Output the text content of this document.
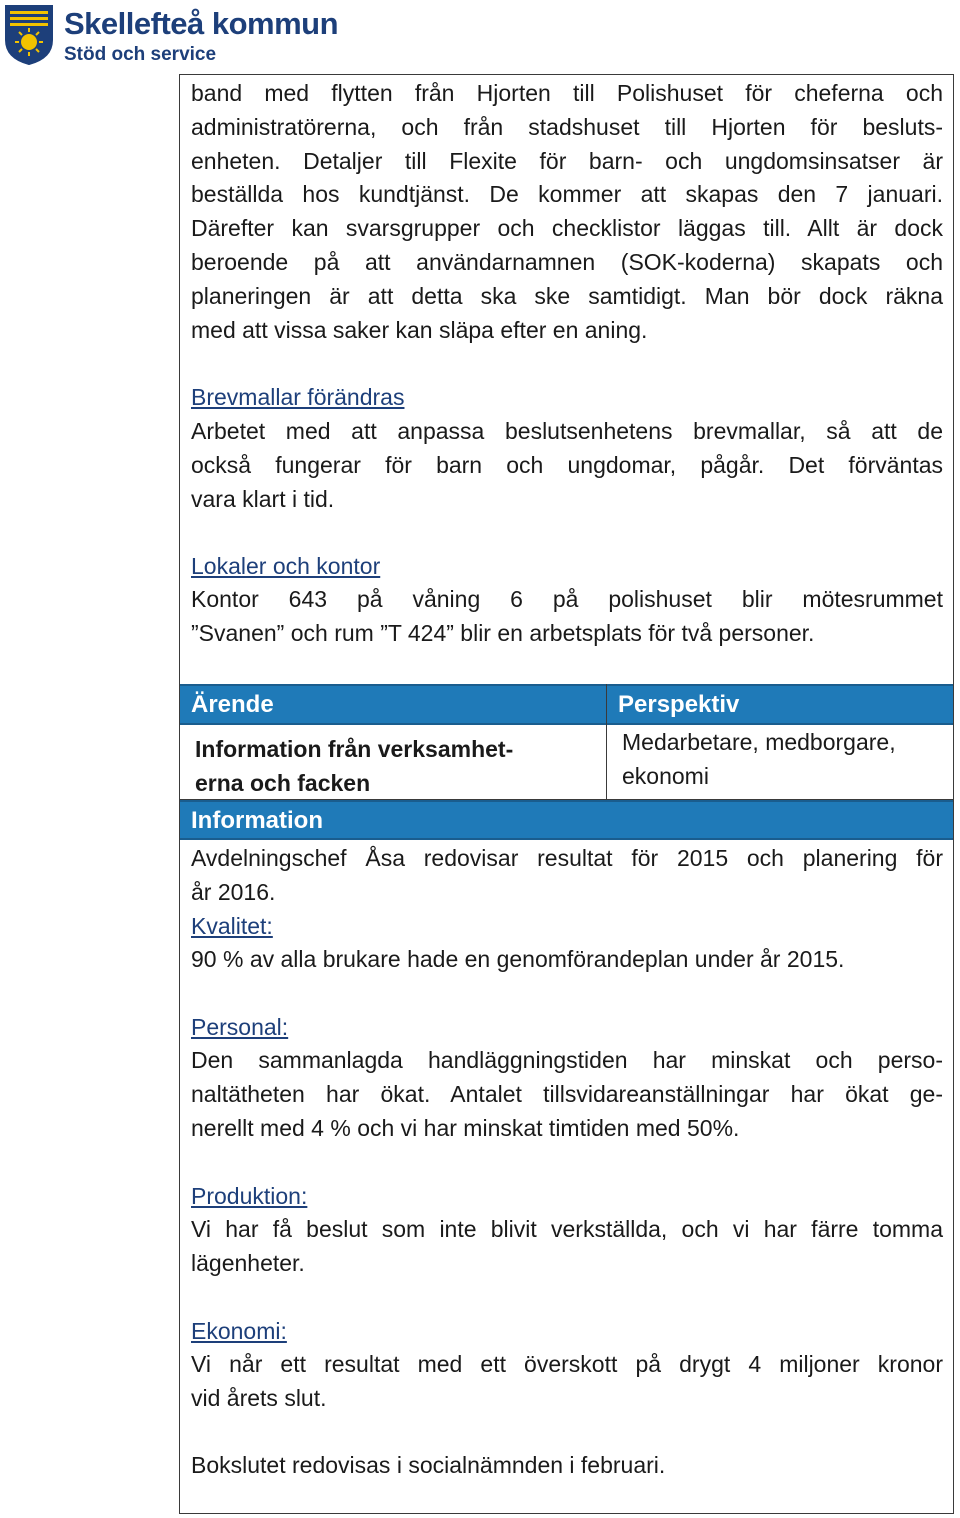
Skellefteå kommun
Stöd och service
band med flytten från Hjorten till Polishuset för cheferna och
administratörerna, och från stadshuset till Hjorten för besluts-
enheten. Detaljer till Flexite för barn- och ungdomsinsatser är
beställda hos kundtjänst. De kommer att skapas den 7 januari.
Därefter kan svarsgrupper och checklistor läggas till. Allt är dock
beroende på att användarnamnen (SOK-koderna) skapats och
planeringen är att detta ska ske samtidigt. Man bör dock räkna
med att vissa saker kan släpa efter en aning.
Brevmallar förändras
Arbetet med att anpassa beslutsenhetens brevmallar, så att de
också fungerar för barn och ungdomar, pågår. Det förväntas
vara klart i tid.
Lokaler och kontor
Kontor 643 på våning 6 på polishuset blir mötesrummet
”Svanen” och rum ”T 424” blir en arbetsplats för två personer.
Ärende	Perspektiv
Information från verksamhet-
erna och facken
Medarbetare, medborgare,
ekonomi
Information
Avdelningschef Åsa redovisar resultat för 2015 och planering för
år 2016.
Kvalitet:
90 % av alla brukare hade en genomförandeplan under år 2015.
Personal:
Den sammanlagda handläggningstiden har minskat och perso-
naltätheten har ökat. Antalet tillsvidareanställningar har ökat ge-
nerellt med 4 % och vi har minskat timtiden med 50%.
Produktion:
Vi har få beslut som inte blivit verkställda, och vi har färre tomma
lägenheter.
Ekonomi:
Vi når ett resultat med ett överskott på drygt 4 miljoner kronor
vid årets slut.
Bokslutet redovisas i socialnämnden i februari.
